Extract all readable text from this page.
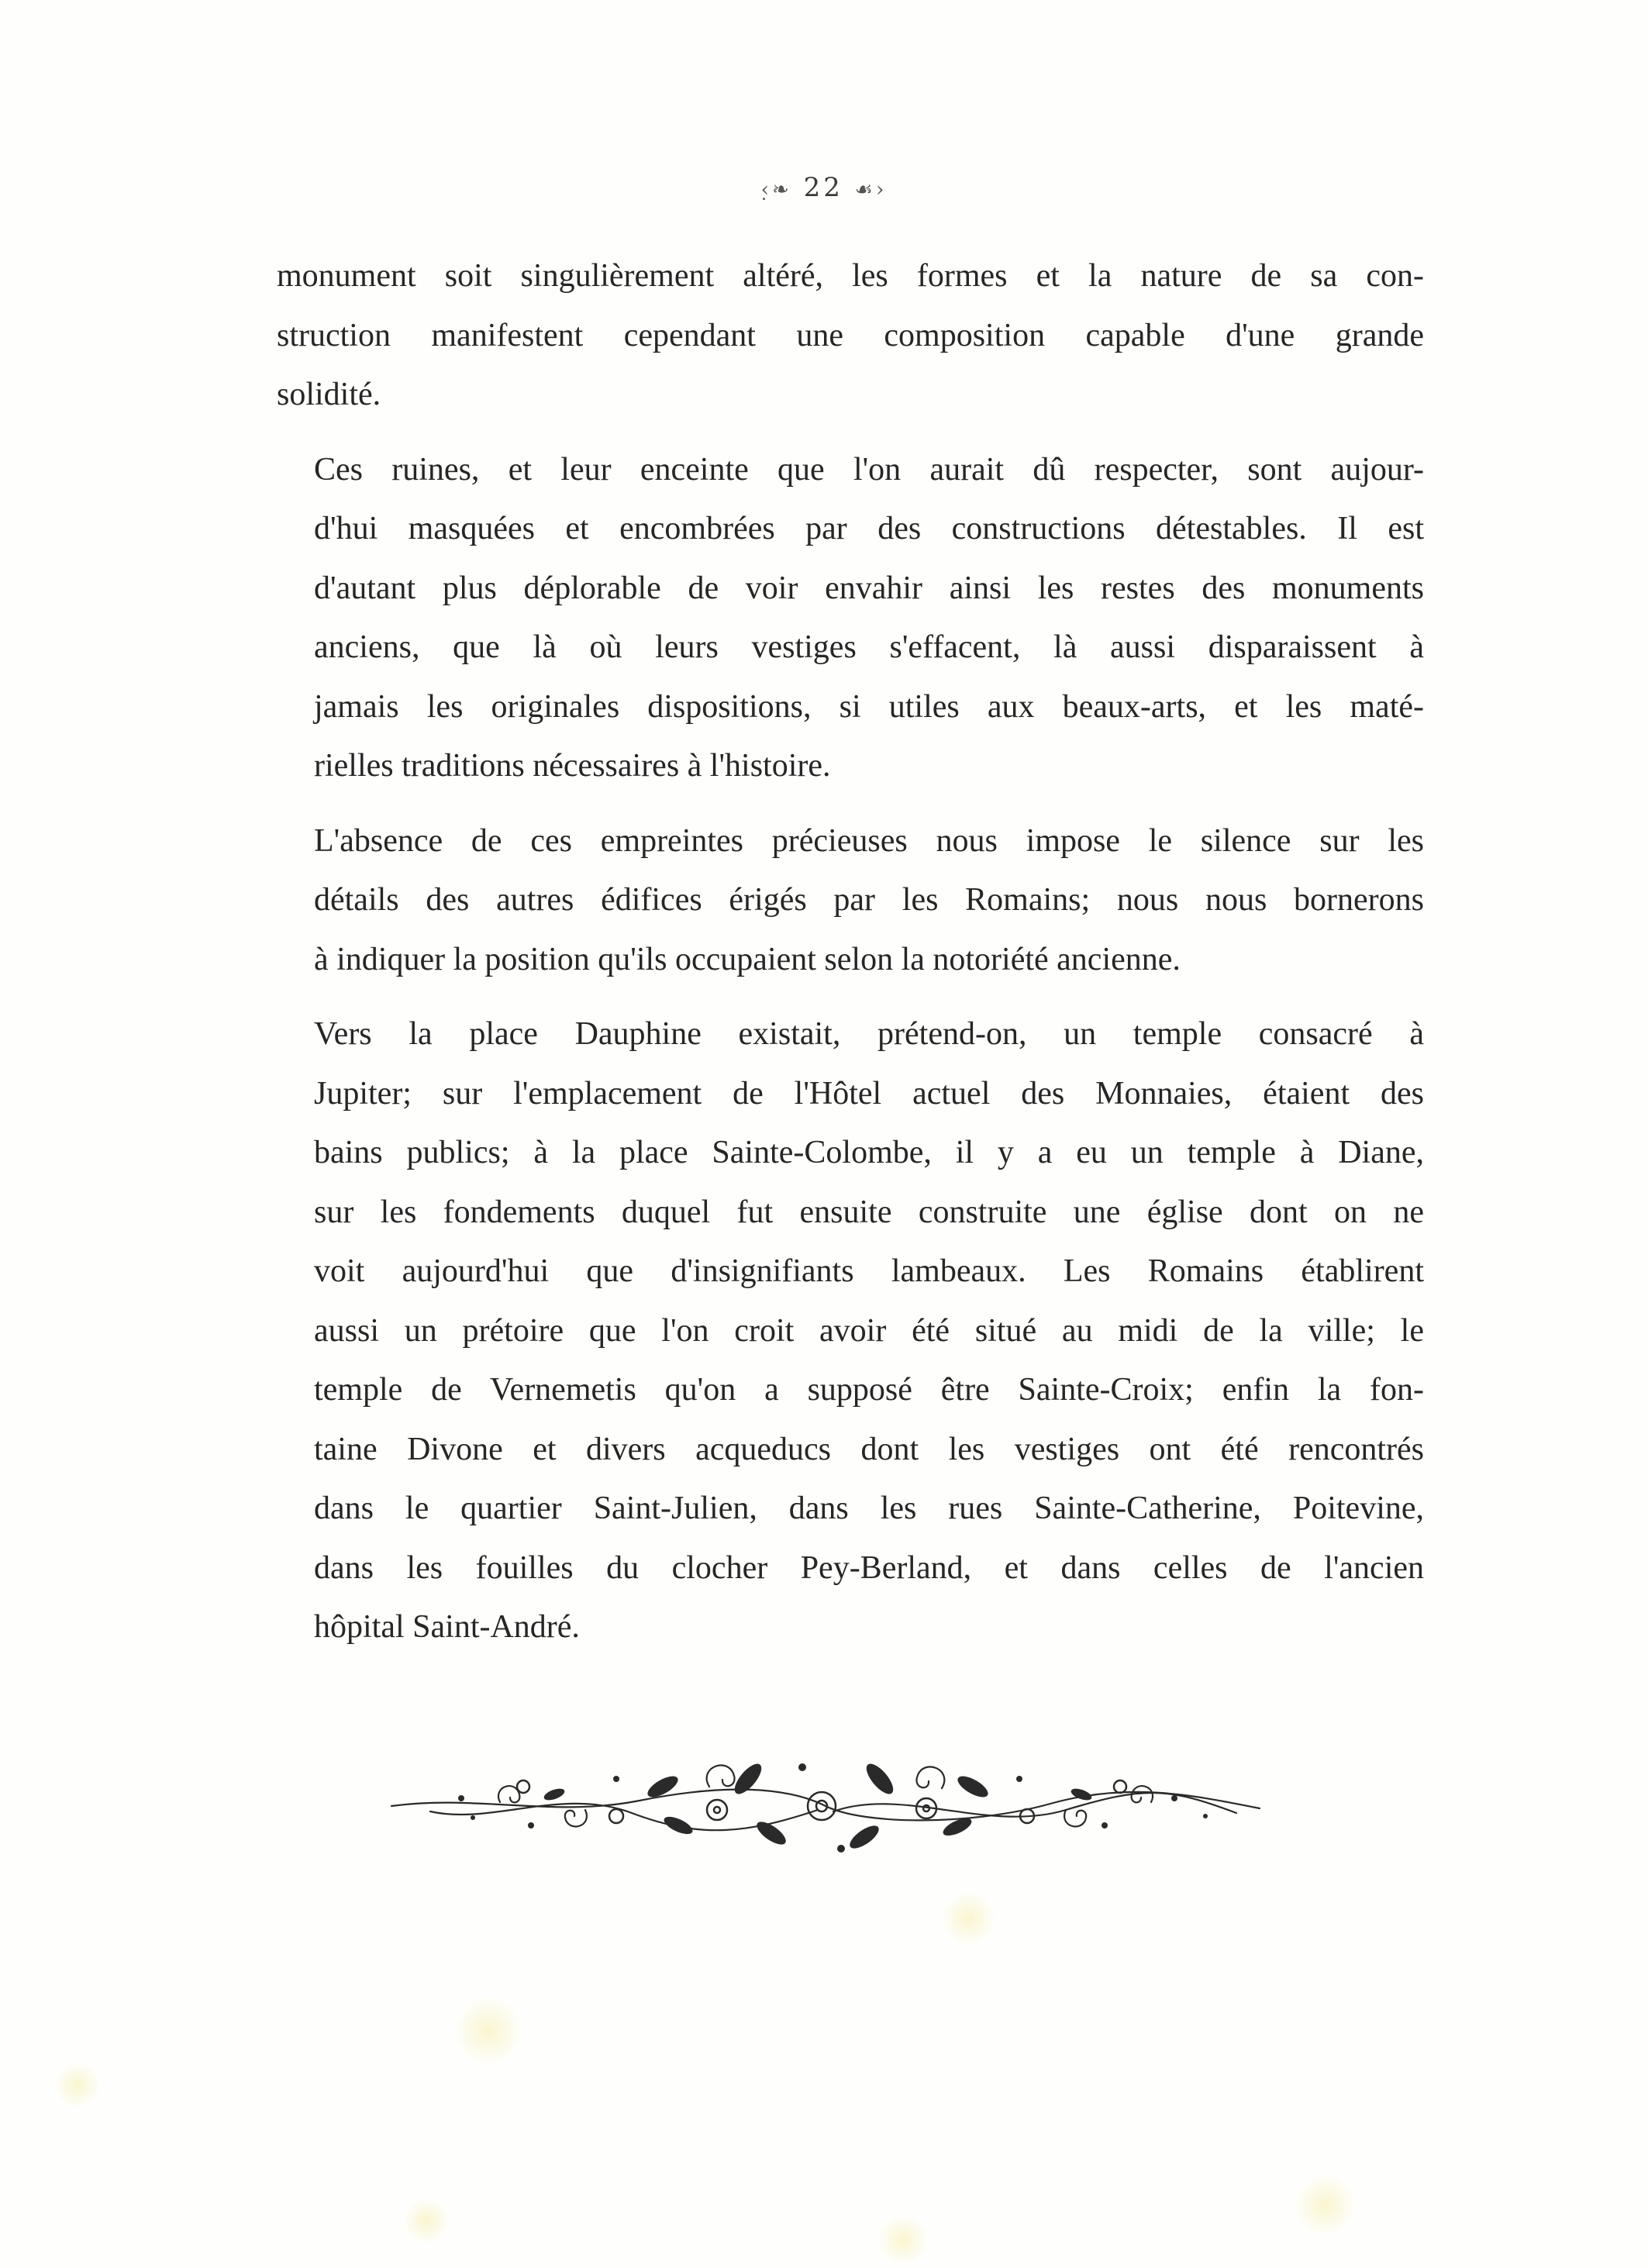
‹̣❧ 22 ☙›

monument soit singulièrement altéré, les formes et la nature de sa con-
struction manifestent cependant une composition capable d'une grande
solidité.

Ces ruines, et leur enceinte que l'on aurait dû respecter, sont aujour-
d'hui masquées et encombrées par des constructions détestables. Il est
d'autant plus déplorable de voir envahir ainsi les restes des monuments
anciens, que là où leurs vestiges s'effacent, là aussi disparaissent à
jamais les originales dispositions, si utiles aux beaux-arts, et les maté-
rielles traditions nécessaires à l'histoire.

L'absence de ces empreintes précieuses nous impose le silence sur les
détails des autres édifices érigés par les Romains; nous nous bornerons
à indiquer la position qu'ils occupaient selon la notoriété ancienne.

Vers la place Dauphine existait, prétend-on, un temple consacré à
Jupiter; sur l'emplacement de l'Hôtel actuel des Monnaies, étaient des
bains publics; à la place Sainte-Colombe, il y a eu un temple à Diane,
sur les fondements duquel fut ensuite construite une église dont on ne
voit aujourd'hui que d'insignifiants lambeaux. Les Romains établirent
aussi un prétoire que l'on croit avoir été situé au midi de la ville; le
temple de Vernemetis qu'on a supposé être Sainte-Croix; enfin la fon-
taine Divone et divers acqueducs dont les vestiges ont été rencontrés
dans le quartier Saint-Julien, dans les rues Sainte-Catherine, Poitevine,
dans les fouilles du clocher Pey-Berland, et dans celles de l'ancien
hôpital Saint-André.
